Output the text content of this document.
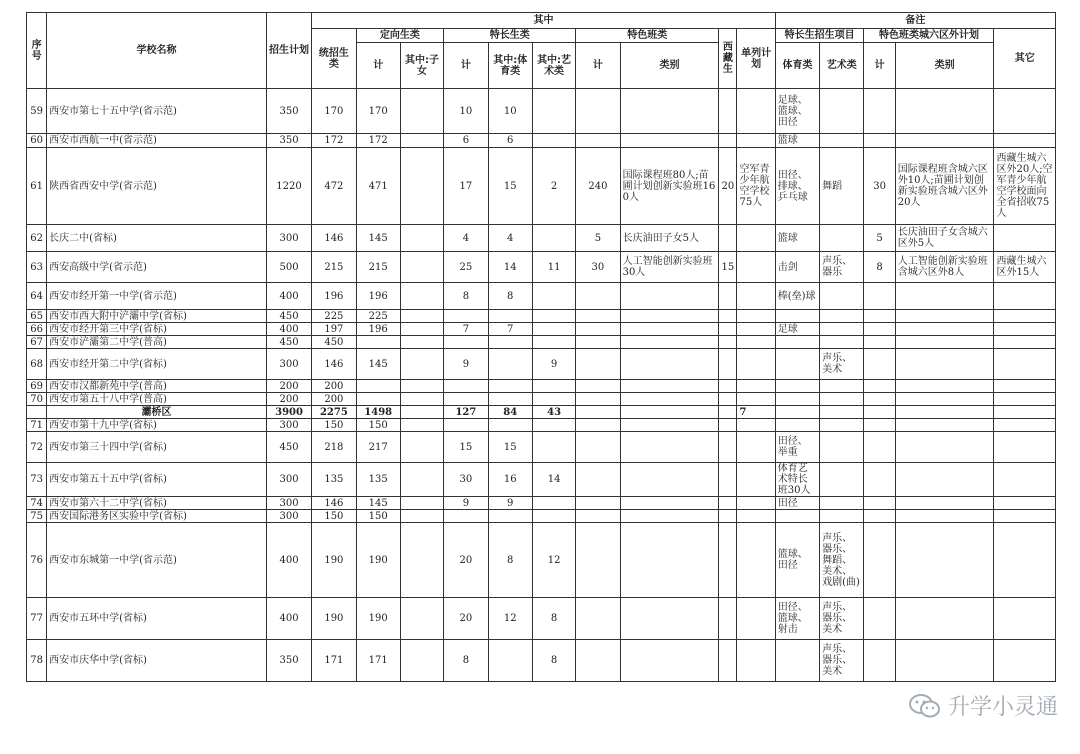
序号	学校名称	招生计划	其中										备注				
			统招生类	定向生类		特长生类			特色班类		西藏生	单列计划	特长生招生项目		特色班类城六区外计划		其它
				计	其中:子女	计	其中:体育类	其中:艺术类	计	类别			体育类	艺术类	计	类别	
59	西安市第七十五中学(省示范)	350	170	170		10	10						足球、篮球、田径				
60	西安市西航一中(省示范)	350	172	172		6	6						篮球				
61	陕西省西安中学(省示范)	1220	472	471		17	15	2	240	国际课程班80人;苗圃计划创新实验班160人	20	空军青少年航空学校75人	田径、排球、乒乓球	舞蹈	30	国际课程班含城六区外10人;苗圃计划创新实验班含城六区外20人	西藏生城六区外20人;空军青少年航空学校面向全省招收75人
62	长庆二中(省标)	300	146	145		4	4		5	长庆油田子女5人			篮球		5	长庆油田子女含城六区外5人	
63	西安高级中学(省示范)	500	215	215		25	14	11	30	人工智能创新实验班30人	15		击剑	声乐、器乐	8	人工智能创新实验班含城六区外8人	西藏生城六区外15人
64	西安市经开第一中学(省示范)	400	196	196		8	8						棒(垒)球				
65	西安市西大附中浐灞中学(省标)	450	225	225													
66	西安市经开第三中学(省标)	400	197	196		7	7						足球				
67	西安市浐灞第二中学(普高)	450	450														
68	西安市经开第二中学(省标)	300	146	145		9		9						声乐、美术			
69	西安市汉都新苑中学(普高)	200	200														
70	西安市第五十八中学(普高)	200	200														
	灞桥区	3900	2275	1498		127	84	43				7					
71	西安市第十九中学(省标)	300	150	150													
72	西安市第三十四中学(省标)	450	218	217		15	15						田径、举重				
73	西安市第五十五中学(省标)	300	135	135		30	16	14					体育艺术特长班30人				
74	西安市第六十二中学(省标)	300	146	145		9	9						田径				
75	西安国际港务区实验中学(省标)	300	150	150													
76	西安市东城第一中学(省示范)	400	190	190		20	8	12					篮球、田径	声乐、器乐、舞蹈、美术、戏剧(曲)			
77	西安市五环中学(省标)	400	190	190		20	12	8					田径、篮球、射击	声乐、器乐、美术			
78	西安市庆华中学(省标)	350	171	171		8		8						声乐、器乐、美术			
升学小灵通
